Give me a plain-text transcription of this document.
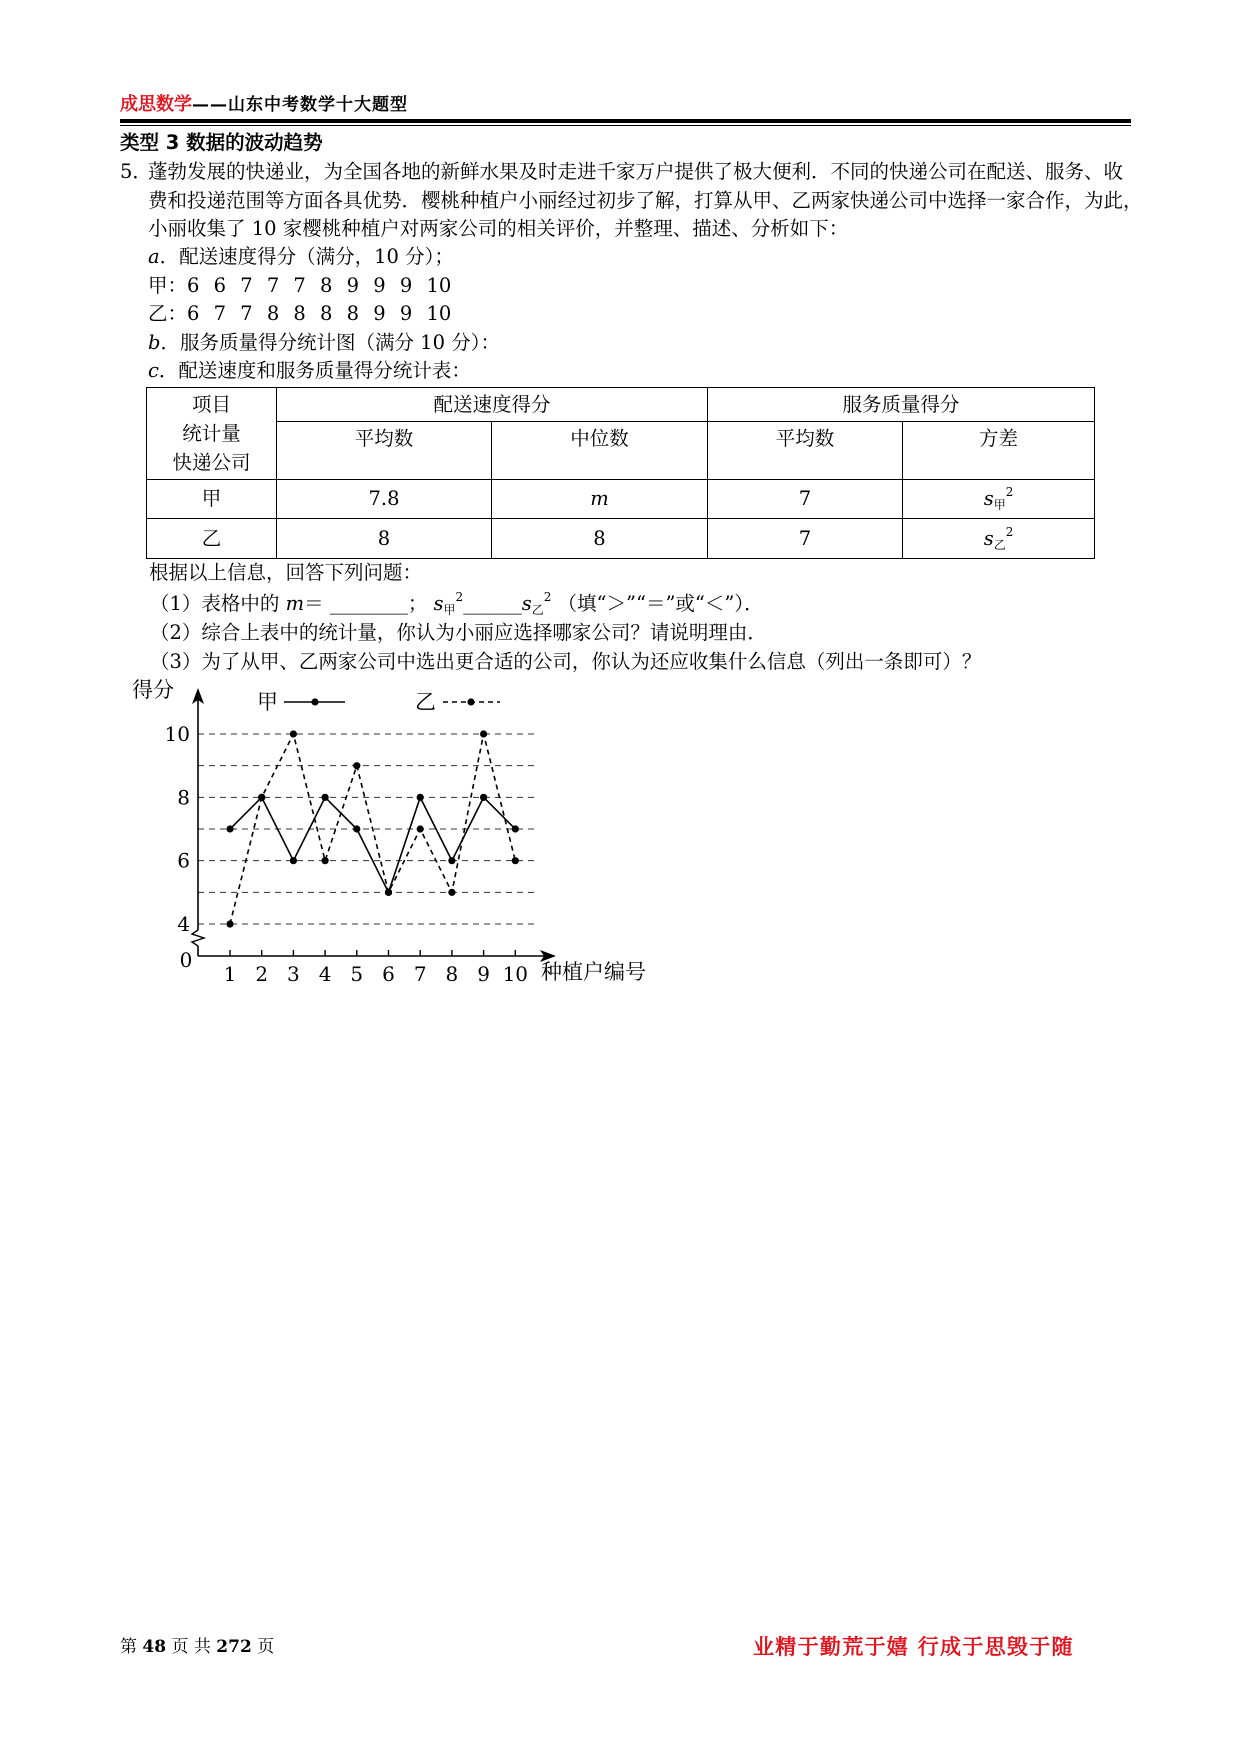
成思数学——山东中考数学十大题型
类型 3 数据的波动趋势
5．
蓬勃发展的快递业，为全国各地的新鲜水果及时走进千家万户提供了极大便利．不同的快递公司在配送、服务、收
费和投递范围等方面各具优势．樱桃种植户小丽经过初步了解，打算从甲、乙两家快递公司中选择一家合作，为此，
小丽收集了 10 家樱桃种植户对两家公司的相关评价，并整理、描述、分析如下：
a．配送速度得分（满分，10 分）；
甲：6 6 7 7 7 8 9 9 9 10
乙：6 7 7 8 8 8 8 9 9 10
b．服务质量得分统计图（满分 10 分）：
c．配送速度和服务质量得分统计表：
项目
统计量
快递公司	配送速度得分		服务质量得分	
	平均数	中位数	平均数	方差
甲	7.8	m	7	$s_甲^2$
乙	8	8	7	$s_乙^2$
根据以上信息，回答下列问题：
（1）表格中的 m＝ ________； $s_甲^2\_\_\_\_\_\_s_乙^2$ （填“＞”“＝”或“＜”）．
（2）综合上表中的统计量，你认为小丽应选择哪家公司？请说明理由．
（3）为了从甲、乙两家公司中选出更合适的公司，你认为还应收集什么信息（列出一条即可）？
得分
种植户编号
0
甲	乙
4
6
8
10
1 2 3 4 5 6 7 8 9 10
第 48 页 共 272 页	业精于勤荒于嬉 行成于思毁于随
